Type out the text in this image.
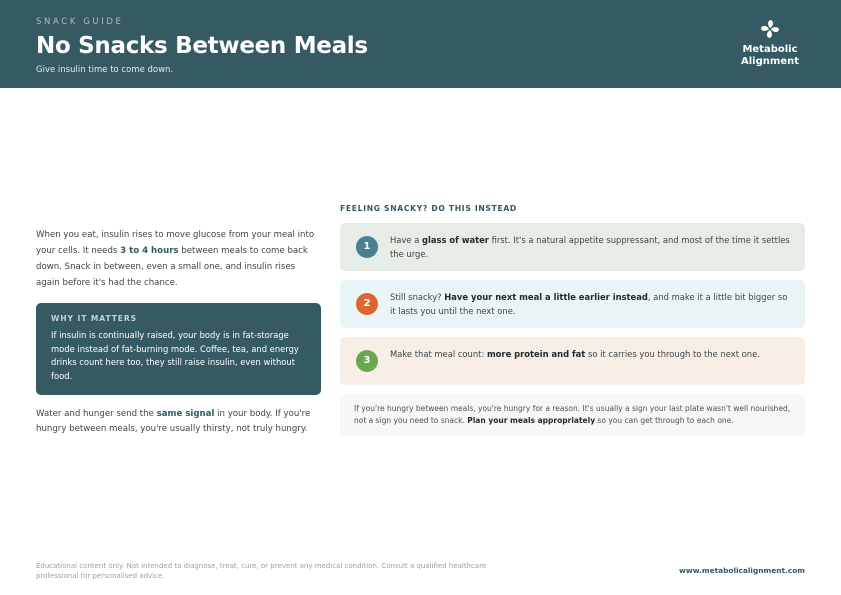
SNACK GUIDE
No Snacks Between Meals
Give insulin time to come down.
Metabolic
Alignment

When you eat, insulin rises to move glucose from your meal into your cells. It needs 3 to 4 hours between meals to come back down. Snack in between, even a small one, and insulin rises again before it's had the chance.

WHY IT MATTERS
If insulin is continually raised, your body is in fat-storage mode instead of fat-burning mode. Coffee, tea, and energy drinks count here too, they still raise insulin, even without food.

Water and hunger send the same signal in your body. If you're hungry between meals, you're usually thirsty, not truly hungry.

FEELING SNACKY? DO THIS INSTEAD
1
Have a glass of water first. It's a natural appetite suppressant, and most of the time it settles the urge.
2
Still snacky? Have your next meal a little earlier instead, and make it a little bit bigger so it lasts you until the next one.
3
Make that meal count: more protein and fat so it carries you through to the next one.
If you're hungry between meals, you're hungry for a reason. It's usually a sign your last plate wasn't well nourished, not a sign you need to snack. Plan your meals appropriately so you can get through to each one.
Educational content only. Not intended to diagnose, treat, cure, or prevent any medical condition. Consult a qualified healthcare professional for personalised advice.
www.metabolicalignment.com
